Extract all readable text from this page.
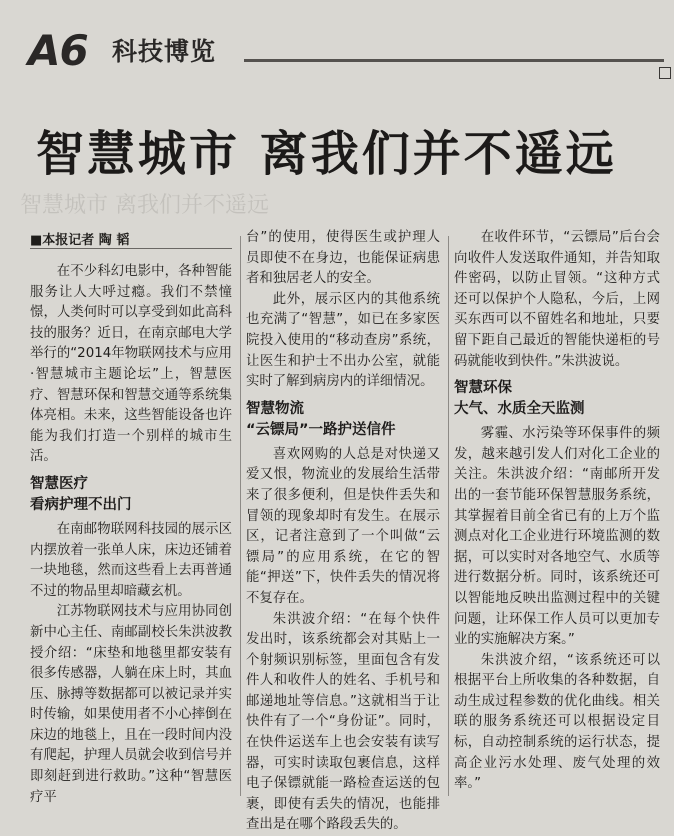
A6 科技博览
智慧城市 离我们并不遥远
智慧城市 离我们并不遥远
■本报记者 陶 韬

在不少科幻电影中，各种智能服务让人大呼过瘾。我们不禁憧憬，人类何时可以享受到如此高科技的服务？近日，在南京邮电大学举行的“2014年物联网技术与应用·智慧城市主题论坛”上，智慧医疗、智慧环保和智慧交通等系统集体亮相。未来，这些智能设备也许能为我们打造一个别样的城市生活。

智慧医疗
看病护理不出门

在南邮物联网科技园的展示区内摆放着一张单人床，床边还铺着一块地毯，然而这些看上去再普通不过的物品里却暗藏玄机。

江苏物联网技术与应用协同创新中心主任、南邮副校长朱洪波教授介绍：“床垫和地毯里都安装有很多传感器，人躺在床上时，其血压、脉搏等数据都可以被记录并实时传输，如果使用者不小心摔倒在床边的地毯上，且在一段时间内没有爬起，护理人员就会收到信号并即刻赶到进行救助。”这种“智慧医疗平

台”的使用，使得医生或护理人员即使不在身边，也能保证病患者和独居老人的安全。

此外，展示区内的其他系统也充满了“智慧”，如已在多家医院投入使用的“移动查房”系统，让医生和护士不出办公室，就能实时了解到病房内的详细情况。

智慧物流
“云镖局”一路护送信件

喜欢网购的人总是对快递又爱又恨，物流业的发展给生活带来了很多便利，但是快件丢失和冒领的现象却时有发生。在展示区，记者注意到了一个叫做“云镖局”的应用系统，在它的智能“押送”下，快件丢失的情况将不复存在。

朱洪波介绍：“在每个快件发出时，该系统都会对其贴上一个射频识别标签，里面包含有发件人和收件人的姓名、手机号和邮递地址等信息。”这就相当于让快件有了一个“身份证”。同时，在快件运送车上也会安装有读写器，可实时读取包裹信息，这样电子保镖就能一路检查运送的包裹，即使有丢失的情况，也能排查出是在哪个路段丢失的。

在收件环节，“云镖局”后台会向收件人发送取件通知，并告知取件密码，以防止冒领。“这种方式还可以保护个人隐私，今后，上网买东西可以不留姓名和地址，只要留下距自己最近的智能快递柜的号码就能收到快件。”朱洪波说。

智慧环保
大气、水质全天监测

雾霾、水污染等环保事件的频发，越来越引发人们对化工企业的关注。朱洪波介绍：“南邮所开发出的一套节能环保智慧服务系统，其掌握着目前全省已有的上万个监测点对化工企业进行环境监测的数据，可以实时对各地空气、水质等进行数据分析。同时，该系统还可以智能地反映出监测过程中的关键问题，让环保工作人员可以更加专业的实施解决方案。”

朱洪波介绍，“该系统还可以根据平台上所收集的各种数据，自动生成过程参数的优化曲线。相关联的服务系统还可以根据设定目标，自动控制系统的运行状态，提高企业污水处理、废气处理的效率。”
